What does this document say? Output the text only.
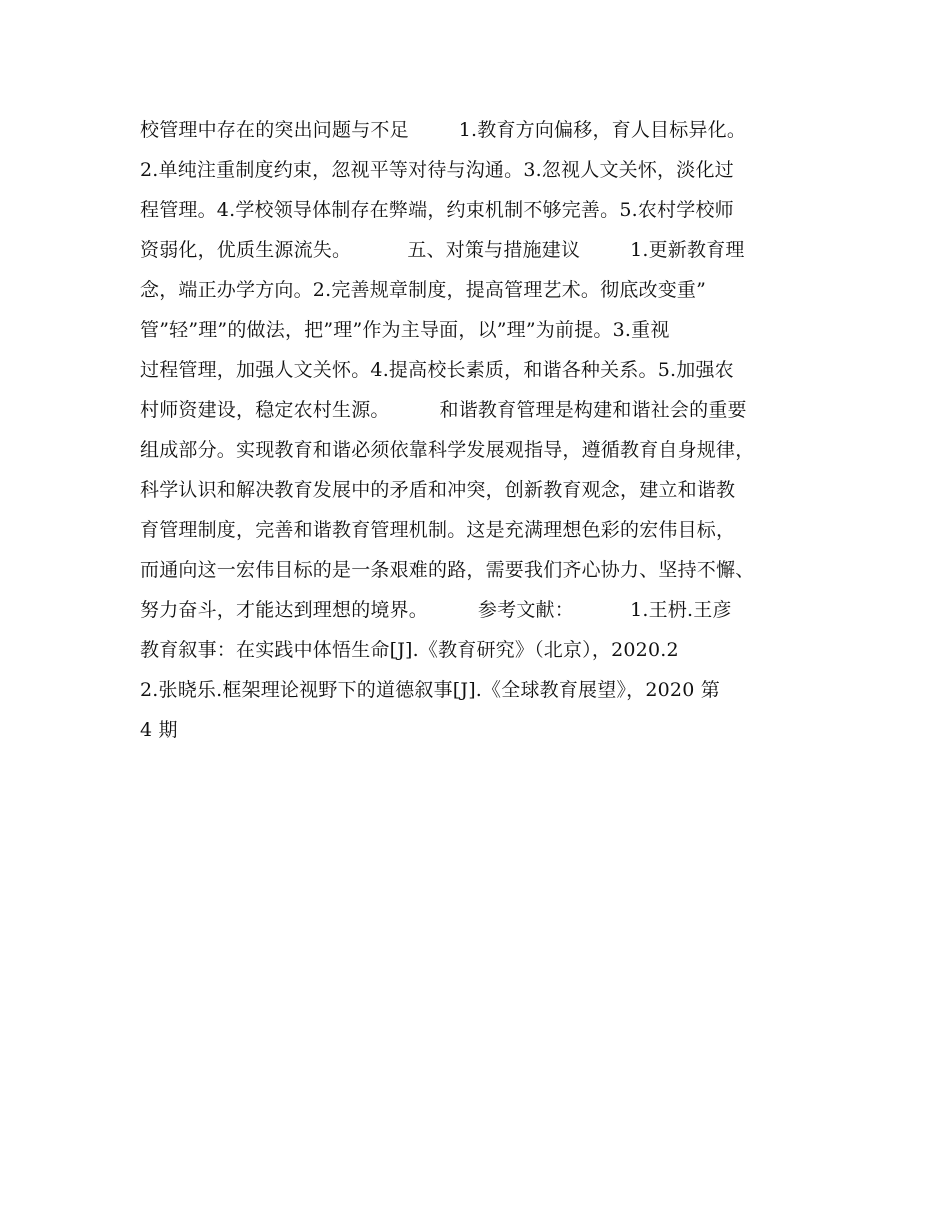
校管理中存在的突出问题与不足        1.教育方向偏移，育人目标异化。
2.单纯注重制度约束，忽视平等对待与沟通。3.忽视人文关怀，淡化过
程管理。4.学校领导体制存在弊端，约束机制不够完善。5.农村学校师
资弱化，优质生源流失。         五、对策与措施建议        1.更新教育理
念，端正办学方向。2.完善规章制度，提高管理艺术。彻底改变重”
管”轻”理”的做法，把”理”作为主导面，以”理”为前提。3.重视
过程管理，加强人文关怀。4.提高校长素质，和谐各种关系。5.加强农
村师资建设，稳定农村生源。        和谐教育管理是构建和谐社会的重要
组成部分。实现教育和谐必须依靠科学发展观指导，遵循教育自身规律，
科学认识和解决教育发展中的矛盾和冲突，创新教育观念，建立和谐教
育管理制度，完善和谐教育管理机制。这是充满理想色彩的宏伟目标，
而通向这一宏伟目标的是一条艰难的路，需要我们齐心协力、坚持不懈、
努力奋斗，才能达到理想的境界。        参考文献：         1.王枬.王彦
教育叙事：在实践中体悟生命[J].《教育研究》（北京），2020.2
2.张晓乐.框架理论视野下的道德叙事[J].《全球教育展望》，2020 第
4 期
